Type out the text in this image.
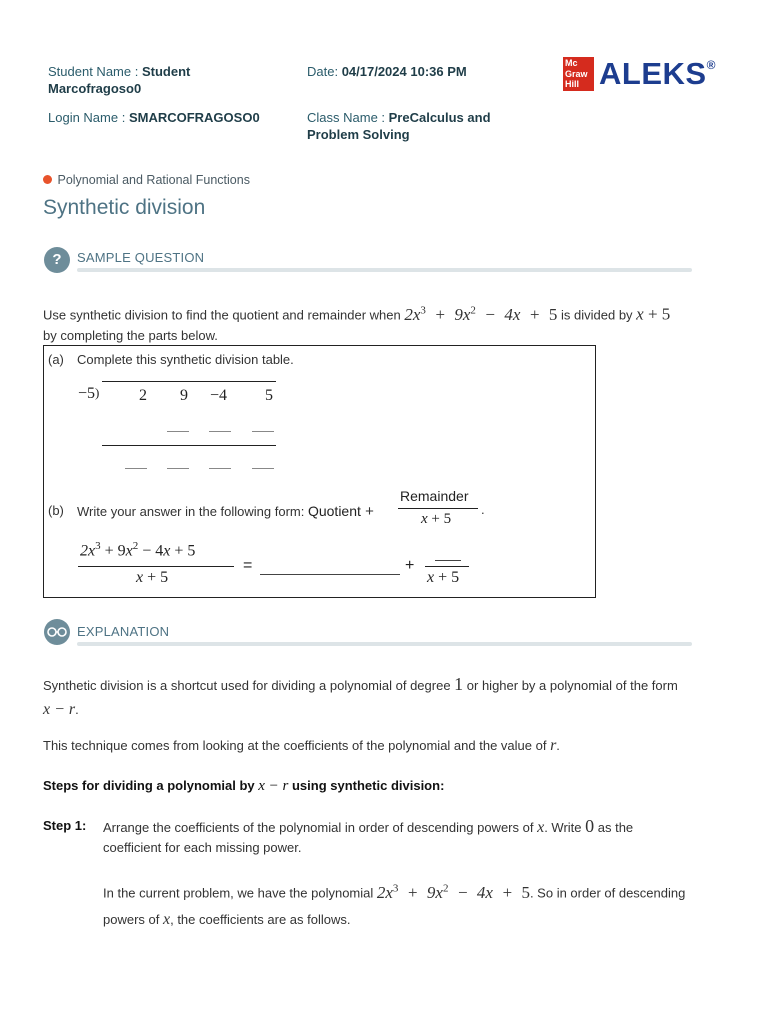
Student Name : Student
Marcofragoso0
Login Name : SMARCOFRAGOSO0
Date: 04/17/2024 10:36 PM
Class Name : PreCalculus and
Problem Solving
Mc
Graw
Hill ALEKS®
Polynomial and Rational Functions
Synthetic division
?	SAMPLE QUESTION
Use synthetic division to find the quotient and remainder when $2x^3 + 9x^2 - 4x + 5$ is divided by x + 5
by completing the parts below.
(a) Complete this synthetic division table.
−5) 2 9 −4 5
(b) Write your answer in the following form: Quotient +
Remainder
x + 5
.
$2x^3 + 9x^2 - 4x + 5$
x + 5
=	+
x + 5
EXPLANATION
Synthetic division is a shortcut used for dividing a polynomial of degree 1 or higher by a polynomial of the form
x − r.
This technique comes from looking at the coefficients of the polynomial and the value of r.
Steps for dividing a polynomial by x − r using synthetic division:
Step 1: Arrange the coefficients of the polynomial in order of descending powers of x. Write 0 as the
coefficient for each missing power.
In the current problem, we have the polynomial $2x^3 + 9x^2 - 4x + 5$. So in order of descending
powers of x, the coefficients are as follows.
